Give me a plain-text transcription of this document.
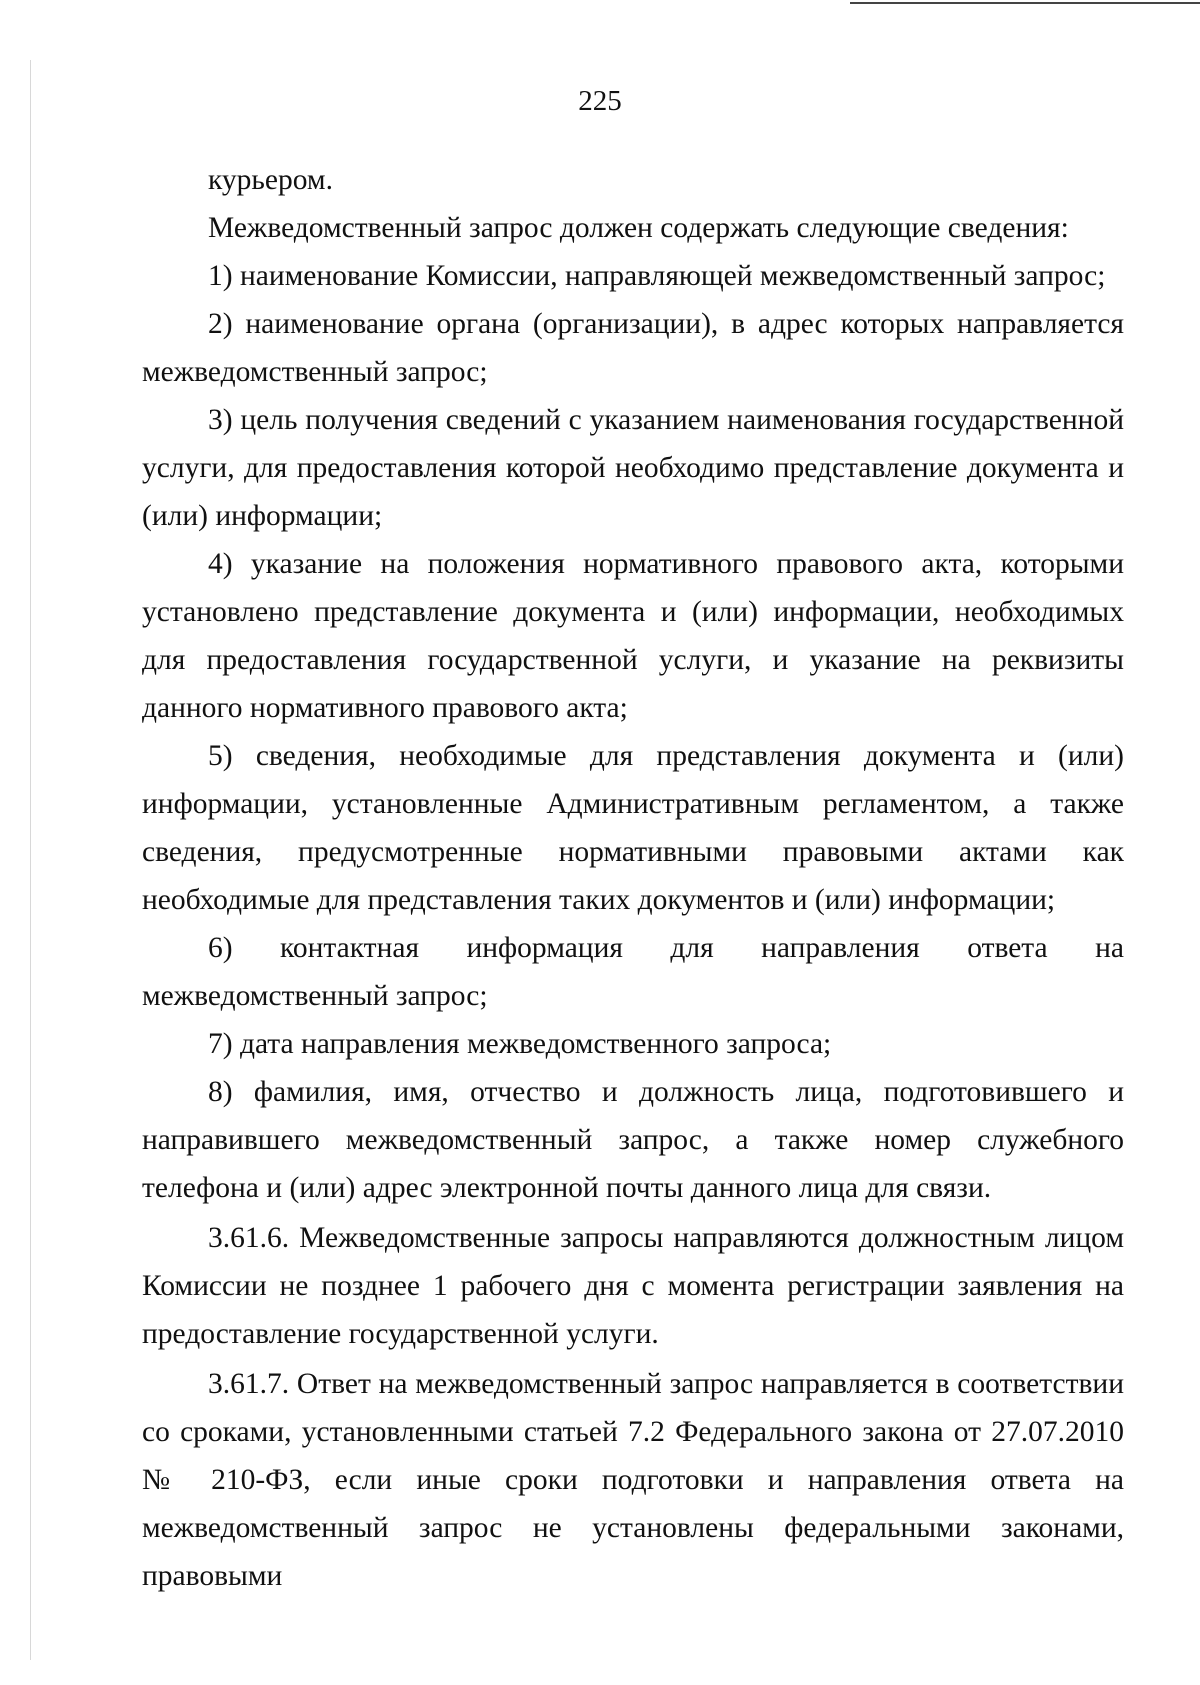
225

курьером.

Межведомственный запрос должен содержать следующие сведения:

1) наименование Комиссии, направляющей межведомственный запрос;

2) наименование органа (организации), в адрес которых направляется межведомственный запрос;

3) цель получения сведений с указанием наименования государственной услуги, для предоставления которой необходимо представление документа и (или) информации;

4) указание на положения нормативного правового акта, которыми установлено представление документа и (или) информации, необходимых для предоставления государственной услуги, и указание на реквизиты данного нормативного правового акта;

5) сведения, необходимые для представления документа и (или) информации, установленные Административным регламентом, а также сведения, предусмотренные нормативными правовыми актами как необходимые для представления таких документов и (или) информации;

6) контактная информация для направления ответа на межведомственный запрос;

7) дата направления межведомственного запроса;

8) фамилия, имя, отчество и должность лица, подготовившего и направившего межведомственный запрос, а также номер служебного телефона и (или) адрес электронной почты данного лица для связи.

3.61.6. Межведомственные запросы направляются должностным лицом Комиссии не позднее 1 рабочего дня с момента регистрации заявления на предоставление государственной услуги.

3.61.7. Ответ на межведомственный запрос направляется в соответствии со сроками, установленными статьей 7.2 Федерального закона от 27.07.2010 № 210-ФЗ, если иные сроки подготовки и направления ответа на межведомственный запрос не установлены федеральными законами, правовыми
